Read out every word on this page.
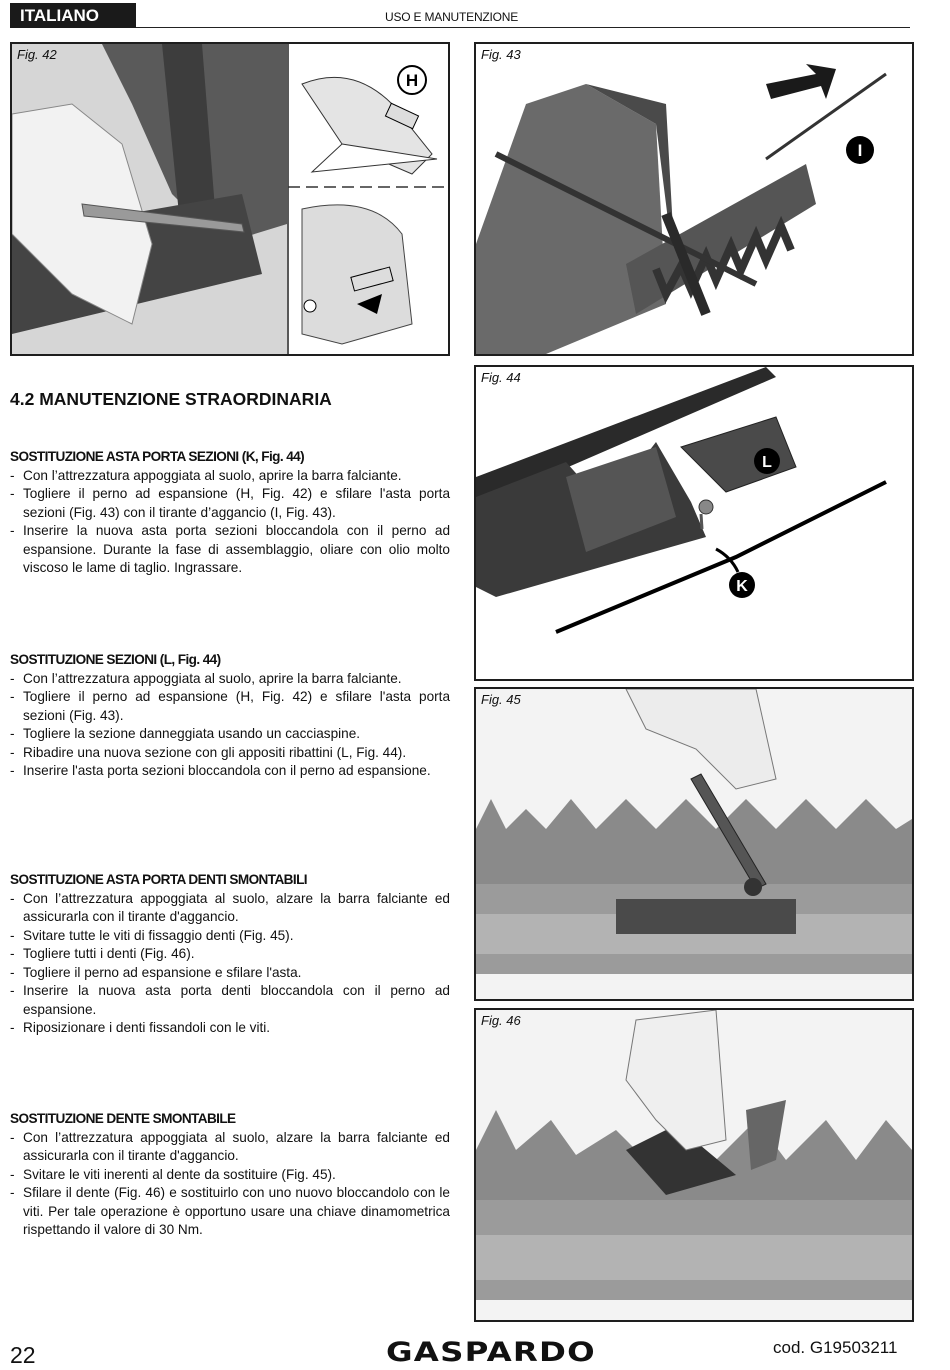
ITALIANO	USO E MANUTENZIONE
Fig. 42
H
Fig. 43
I
Fig. 44
L
K
Fig. 45
Fig. 46
4.2 MANUTENZIONE STRAORDINARIA
SOSTITUZIONE ASTA PORTA SEZIONI (K, Fig. 44)
- Con l’attrezzatura appoggiata al suolo, aprire la barra falciante.
- Togliere il perno ad espansione (H, Fig. 42) e sfilare l'asta porta sezioni (Fig. 43) con il tirante d’aggancio (I, Fig. 43).
- Inserire la nuova asta porta sezioni bloccandola con il perno ad espansione. Durante la fase di assemblaggio, oliare con olio molto viscoso le lame di taglio. Ingrassare.
SOSTITUZIONE SEZIONI (L, Fig. 44)
- Con l’attrezzatura appoggiata al suolo, aprire la barra falciante.
- Togliere il perno ad espansione (H, Fig. 42) e sfilare l'asta porta sezioni (Fig. 43).
- Togliere la sezione danneggiata usando un cacciaspine.
- Ribadire una nuova sezione con gli appositi ribattini (L, Fig. 44).
- Inserire l'asta porta sezioni bloccandola con il perno ad espansione.
SOSTITUZIONE ASTA PORTA DENTI SMONTABILI
- Con l’attrezzatura appoggiata al suolo, alzare la barra falciante ed assicurarla con il tirante d'aggancio.
- Svitare tutte le viti di fissaggio denti (Fig. 45).
- Togliere tutti i denti (Fig. 46).
- Togliere il perno ad espansione e sfilare l'asta.
- Inserire la nuova asta porta denti bloccandola con il perno ad espansione.
- Riposizionare i denti fissandoli con le viti.
SOSTITUZIONE DENTE SMONTABILE
- Con l’attrezzatura appoggiata al suolo, alzare la barra falciante ed assicurarla con il tirante d'aggancio.
- Svitare le viti inerenti al dente da sostituire (Fig. 45).
- Sfilare il dente (Fig. 46) e sostituirlo con uno nuovo bloccandolo con le viti. Per tale operazione è opportuno usare una chiave dinamometrica rispettando il valore di 30 Nm.
22	GASPARDO	cod. G19503211
